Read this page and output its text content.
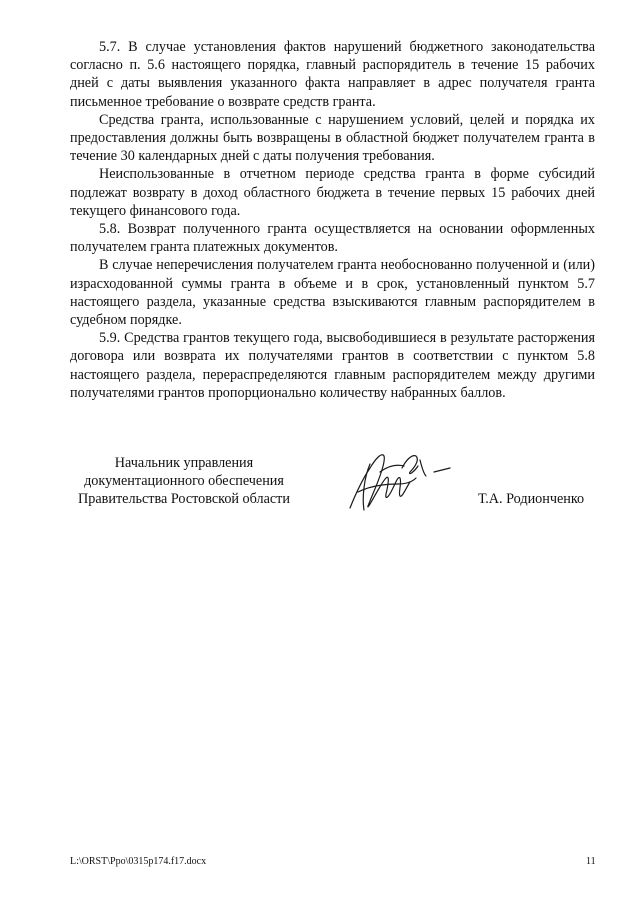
5.7. В случае установления фактов нарушений бюджетного законодательства согласно п. 5.6 настоящего порядка, главный распорядитель в течение 15 рабочих дней с даты выявления указанного факта направляет в адрес получателя гранта письменное требование о возврате средств гранта.

Средства гранта, использованные с нарушением условий, целей и порядка их предоставления должны быть возвращены в областной бюджет получателем гранта в течение 30 календарных дней с даты получения требования.

Неиспользованные в отчетном периоде средства гранта в форме субсидий подлежат возврату в доход областного бюджета в течение первых 15 рабочих дней текущего финансового года.

5.8. Возврат полученного гранта осуществляется на основании оформленных получателем гранта платежных документов.

В случае неперечисления получателем гранта необоснованно полученной и (или) израсходованной суммы гранта в объеме и в срок, установленный пунктом 5.7 настоящего раздела, указанные средства взыскиваются главным распорядителем в судебном порядке.

5.9. Средства грантов текущего года, высвободившиеся в результате расторжения договора или возврата их получателями грантов в соответствии с пунктом 5.8 настоящего раздела, перераспределяются главным распорядителем между другими получателями грантов пропорционально количеству набранных баллов.

Начальник управления
документационного обеспечения
Правительства Ростовской области	Т.А. Родионченко
L:\ORST\Ppo\0315p174.f17.docx	11
